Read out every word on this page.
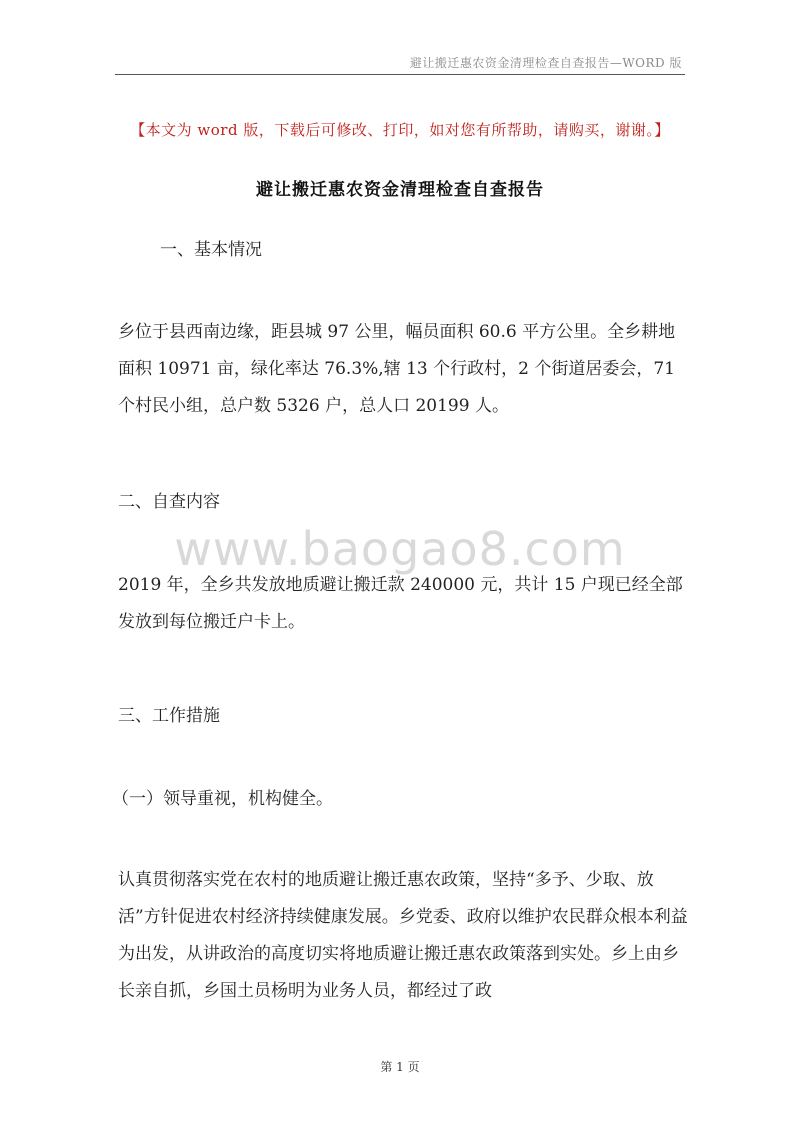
避让搬迁惠农资金清理检查自查报告—WORD 版
【本文为 word 版，下载后可修改、打印，如对您有所帮助，请购买，谢谢。】
避让搬迁惠农资金清理检查自查报告
一、基本情况
乡位于县西南边缘，距县城 97 公里，幅员面积 60.6 平方公里。全乡耕地面积 10971 亩，绿化率达 76.3%,辖 13 个行政村，2 个街道居委会，71 个村民小组，总户数 5326 户，总人口 20199 人。
二、自查内容
www.baogao8.com
2019 年，全乡共发放地质避让搬迁款 240000 元，共计 15 户现已经全部发放到每位搬迁户卡上。
三、工作措施
（一）领导重视，机构健全。
认真贯彻落实党在农村的地质避让搬迁惠农政策，坚持“多予、少取、放活”方针促进农村经济持续健康发展。乡党委、政府以维护农民群众根本利益为出发，从讲政治的高度切实将地质避让搬迁惠农政策落到实处。乡上由乡长亲自抓，乡国土员杨明为业务人员，都经过了政
第 1 页
